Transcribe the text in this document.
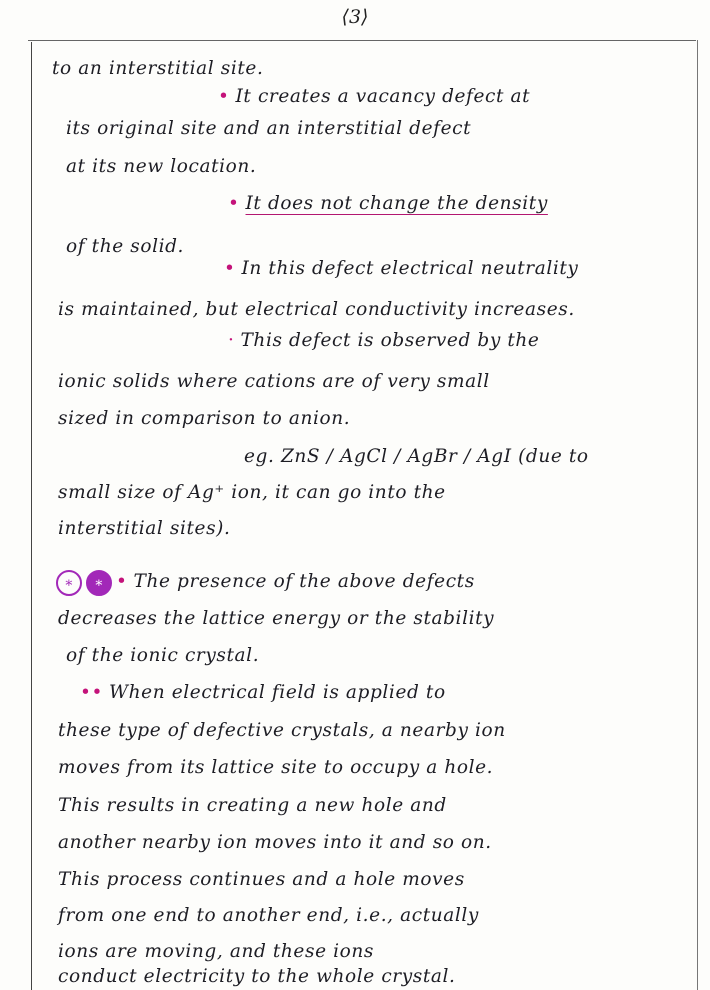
⟨3⟩
to an interstitial site.
• It creates a vacancy defect at
its original site and an interstitial defect
at its new location.
• It does not change the density
of the solid.
• In this defect electrical neutrality
is maintained, but electrical conductivity increases.
· This defect is observed by the
ionic solids where cations are of very small
sized in comparison to anion.
eg. ZnS / AgCl / AgBr / AgI (due to
small size of Ag⁺ ion, it can go into the
interstitial sites).
∗ ∗ • The presence of the above defects
decreases the lattice energy or the stability
of the ionic crystal.
•• When electrical field is applied to
these type of defective crystals, a nearby ion
moves from its lattice site to occupy a hole.
This results in creating a new hole and
another nearby ion moves into it and so on.
This process continues and a hole moves
from one end to another end, i.e., actually
ions are moving, and these ions
conduct electricity to the whole crystal.
